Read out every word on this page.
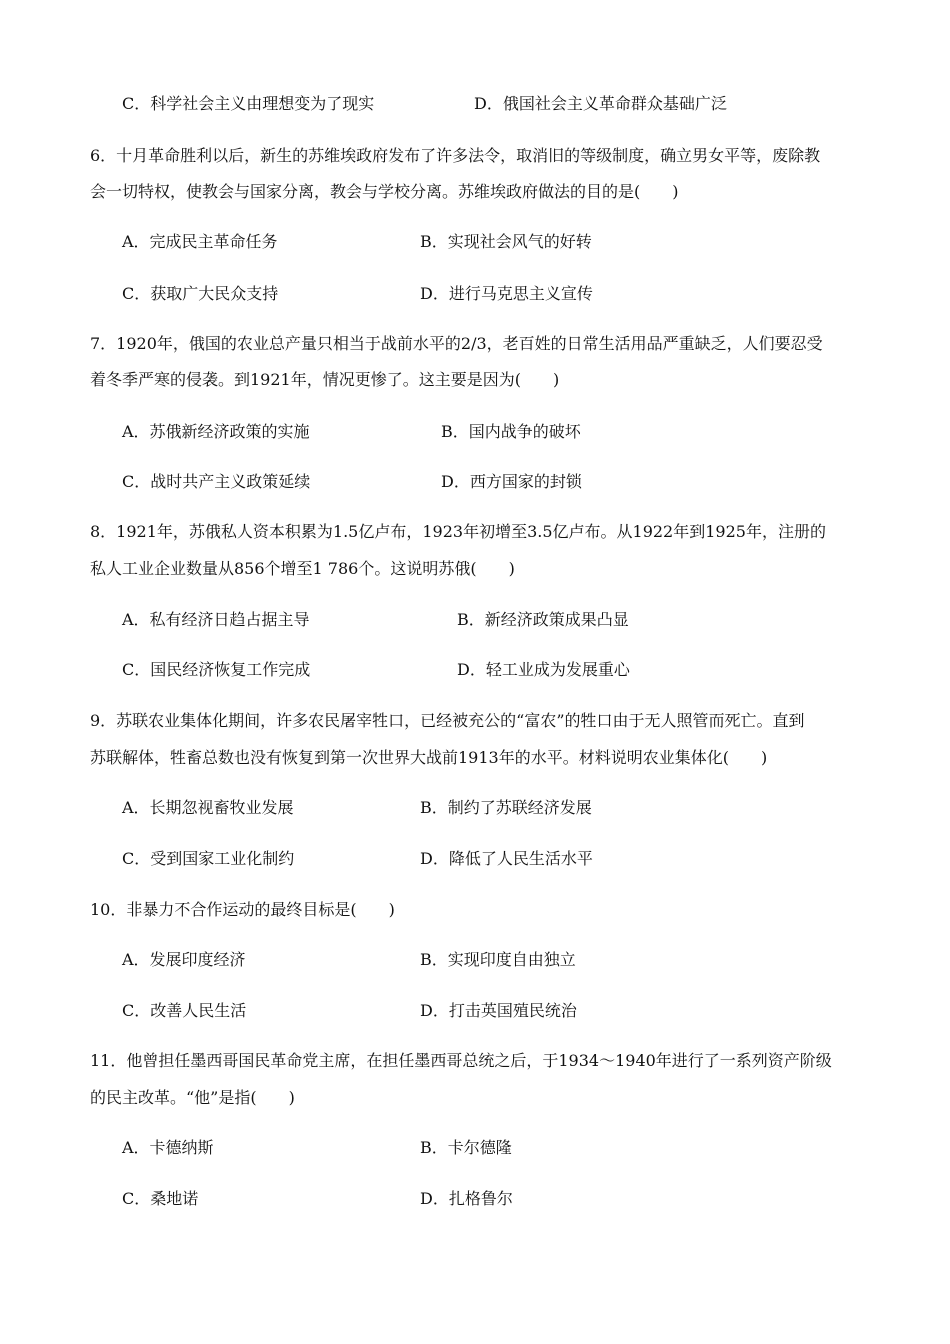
C．科学社会主义由理想变为了现实	D．俄国社会主义革命群众基础广泛
6．十月革命胜利以后，新生的苏维埃政府发布了许多法令，取消旧的等级制度，确立男女平等，废除教
会一切特权，使教会与国家分离，教会与学校分离。苏维埃政府做法的目的是(　　)
A．完成民主革命任务	B．实现社会风气的好转
C．获取广大民众支持	D．进行马克思主义宣传
7．1920年，俄国的农业总产量只相当于战前水平的2/3，老百姓的日常生活用品严重缺乏，人们要忍受
着冬季严寒的侵袭。到1921年，情况更惨了。这主要是因为(　　)
A．苏俄新经济政策的实施	B．国内战争的破坏
C．战时共产主义政策延续	D．西方国家的封锁
8．1921年，苏俄私人资本积累为1.5亿卢布，1923年初增至3.5亿卢布。从1922年到1925年，注册的
私人工业企业数量从856个增至1 786个。这说明苏俄(　　)
A．私有经济日趋占据主导	B．新经济政策成果凸显
C．国民经济恢复工作完成	D．轻工业成为发展重心
9．苏联农业集体化期间，许多农民屠宰牲口，已经被充公的“富农”的牲口由于无人照管而死亡。直到
苏联解体，牲畜总数也没有恢复到第一次世界大战前1913年的水平。材料说明农业集体化(　　)
A．长期忽视畜牧业发展	B．制约了苏联经济发展
C．受到国家工业化制约	D．降低了人民生活水平
10．非暴力不合作运动的最终目标是(　　)
A．发展印度经济	B．实现印度自由独立
C．改善人民生活	D．打击英国殖民统治
11．他曾担任墨西哥国民革命党主席，在担任墨西哥总统之后，于1934～1940年进行了一系列资产阶级
的民主改革。“他”是指(　　)
A．卡德纳斯	B．卡尔德隆
C．桑地诺	D．扎格鲁尔
